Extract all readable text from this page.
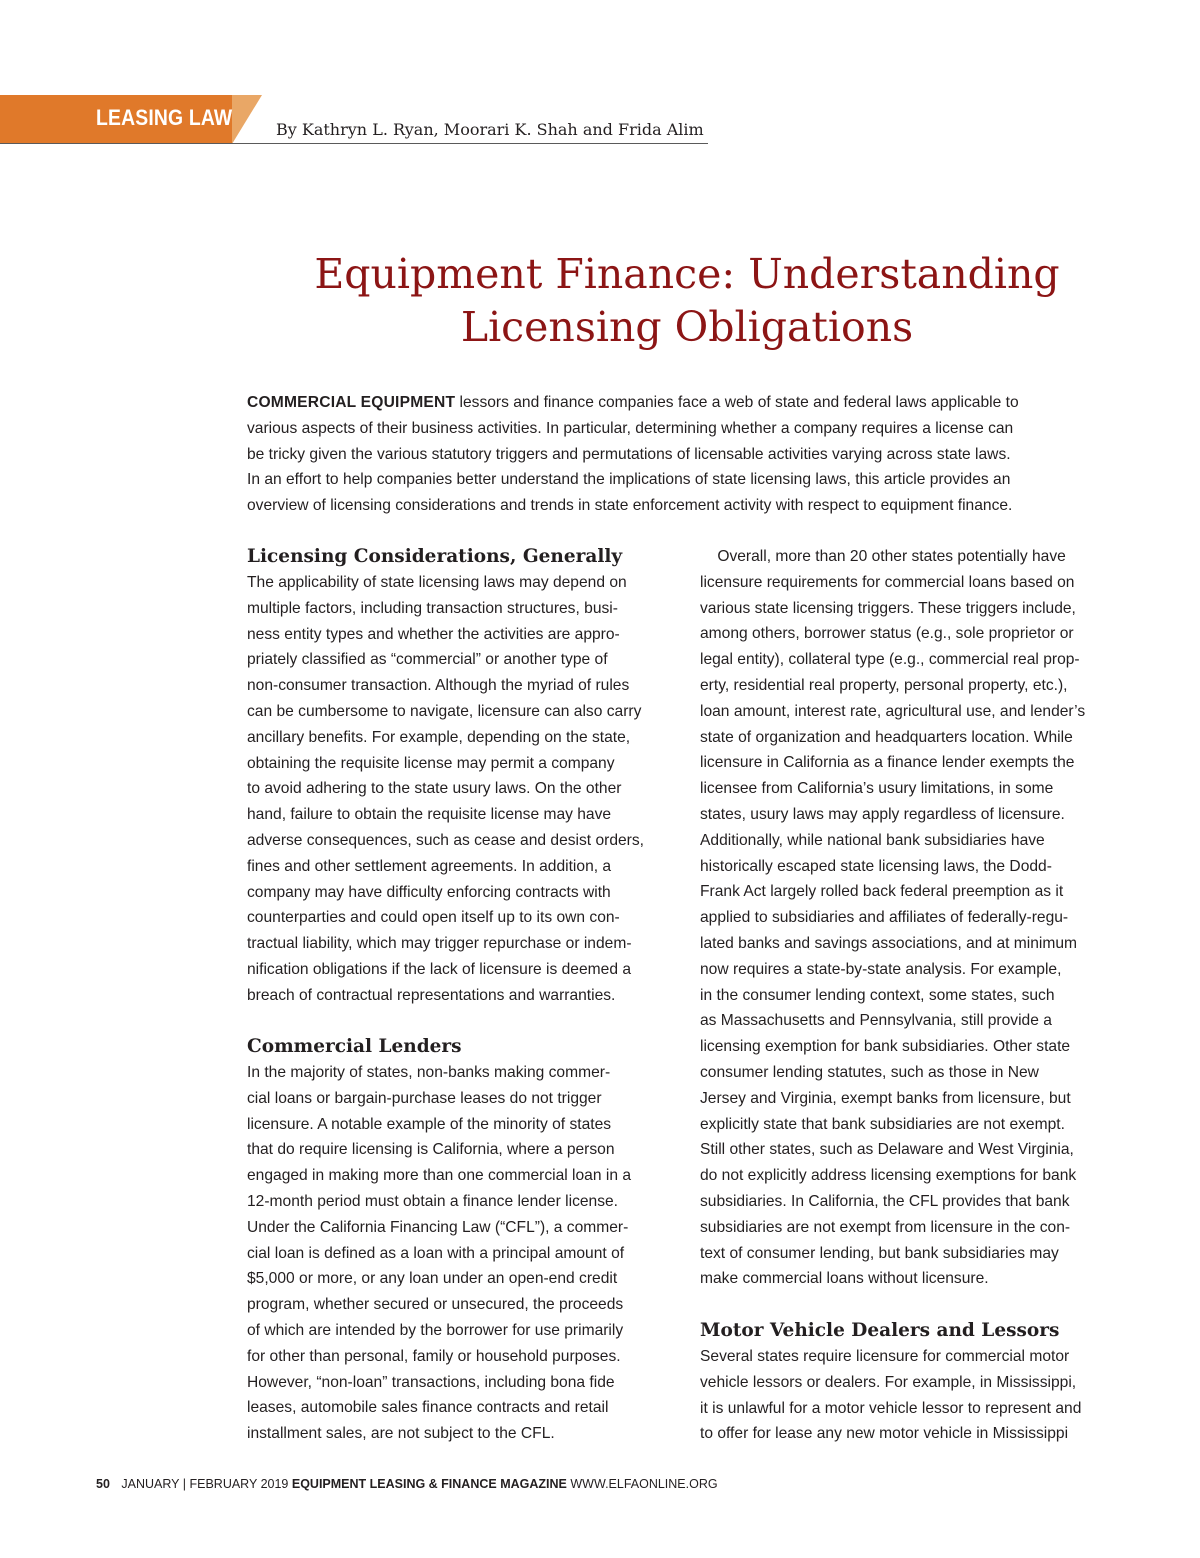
LEASING LAW	By Kathryn L. Ryan, Moorari K. Shah and Frida Alim
Equipment Finance: Understanding
Licensing Obligations
COMMERCIAL EQUIPMENT lessors and finance companies face a web of state and federal laws applicable to
various aspects of their business activities. In particular, determining whether a company requires a license can
be tricky given the various statutory triggers and permutations of licensable activities varying across state laws.
In an effort to help companies better understand the implications of state licensing laws, this article provides an
overview of licensing considerations and trends in state enforcement activity with respect to equipment finance.
Licensing Considerations, Generally
The applicability of state licensing laws may depend on
multiple factors, including transaction structures, busi-
ness entity types and whether the activities are appro-
priately classified as “commercial” or another type of
non-consumer transaction. Although the myriad of rules
can be cumbersome to navigate, licensure can also carry
ancillary benefits. For example, depending on the state,
obtaining the requisite license may permit a company
to avoid adhering to the state usury laws. On the other
hand, failure to obtain the requisite license may have
adverse consequences, such as cease and desist orders,
fines and other settlement agreements. In addition, a
company may have difficulty enforcing contracts with
counterparties and could open itself up to its own con-
tractual liability, which may trigger repurchase or indem-
nification obligations if the lack of licensure is deemed a
breach of contractual representations and warranties.
Commercial Lenders
In the majority of states, non-banks making commer-
cial loans or bargain-purchase leases do not trigger
licensure. A notable example of the minority of states
that do require licensing is California, where a person
engaged in making more than one commercial loan in a
12-month period must obtain a finance lender license.
Under the California Financing Law (“CFL”), a commer-
cial loan is defined as a loan with a principal amount of
$5,000 or more, or any loan under an open-end credit
program, whether secured or unsecured, the proceeds
of which are intended by the borrower for use primarily
for other than personal, family or household purposes.
However, “non-loan” transactions, including bona fide
leases, automobile sales finance contracts and retail
installment sales, are not subject to the CFL.
Overall, more than 20 other states potentially have
licensure requirements for commercial loans based on
various state licensing triggers. These triggers include,
among others, borrower status (e.g., sole proprietor or
legal entity), collateral type (e.g., commercial real prop-
erty, residential real property, personal property, etc.),
loan amount, interest rate, agricultural use, and lender’s
state of organization and headquarters location. While
licensure in California as a finance lender exempts the
licensee from California’s usury limitations, in some
states, usury laws may apply regardless of licensure.
Additionally, while national bank subsidiaries have
historically escaped state licensing laws, the Dodd-
Frank Act largely rolled back federal preemption as it
applied to subsidiaries and affiliates of federally-regu-
lated banks and savings associations, and at minimum
now requires a state-by-state analysis. For example,
in the consumer lending context, some states, such
as Massachusetts and Pennsylvania, still provide a
licensing exemption for bank subsidiaries. Other state
consumer lending statutes, such as those in New
Jersey and Virginia, exempt banks from licensure, but
explicitly state that bank subsidiaries are not exempt.
Still other states, such as Delaware and West Virginia,
do not explicitly address licensing exemptions for bank
subsidiaries. In California, the CFL provides that bank
subsidiaries are not exempt from licensure in the con-
text of consumer lending, but bank subsidiaries may
make commercial loans without licensure.
Motor Vehicle Dealers and Lessors
Several states require licensure for commercial motor
vehicle lessors or dealers. For example, in Mississippi,
it is unlawful for a motor vehicle lessor to represent and
to offer for lease any new motor vehicle in Mississippi
50 JANUARY | FEBRUARY 2019 EQUIPMENT LEASING & FINANCE MAGAZINE WWW.ELFAONLINE.ORG
